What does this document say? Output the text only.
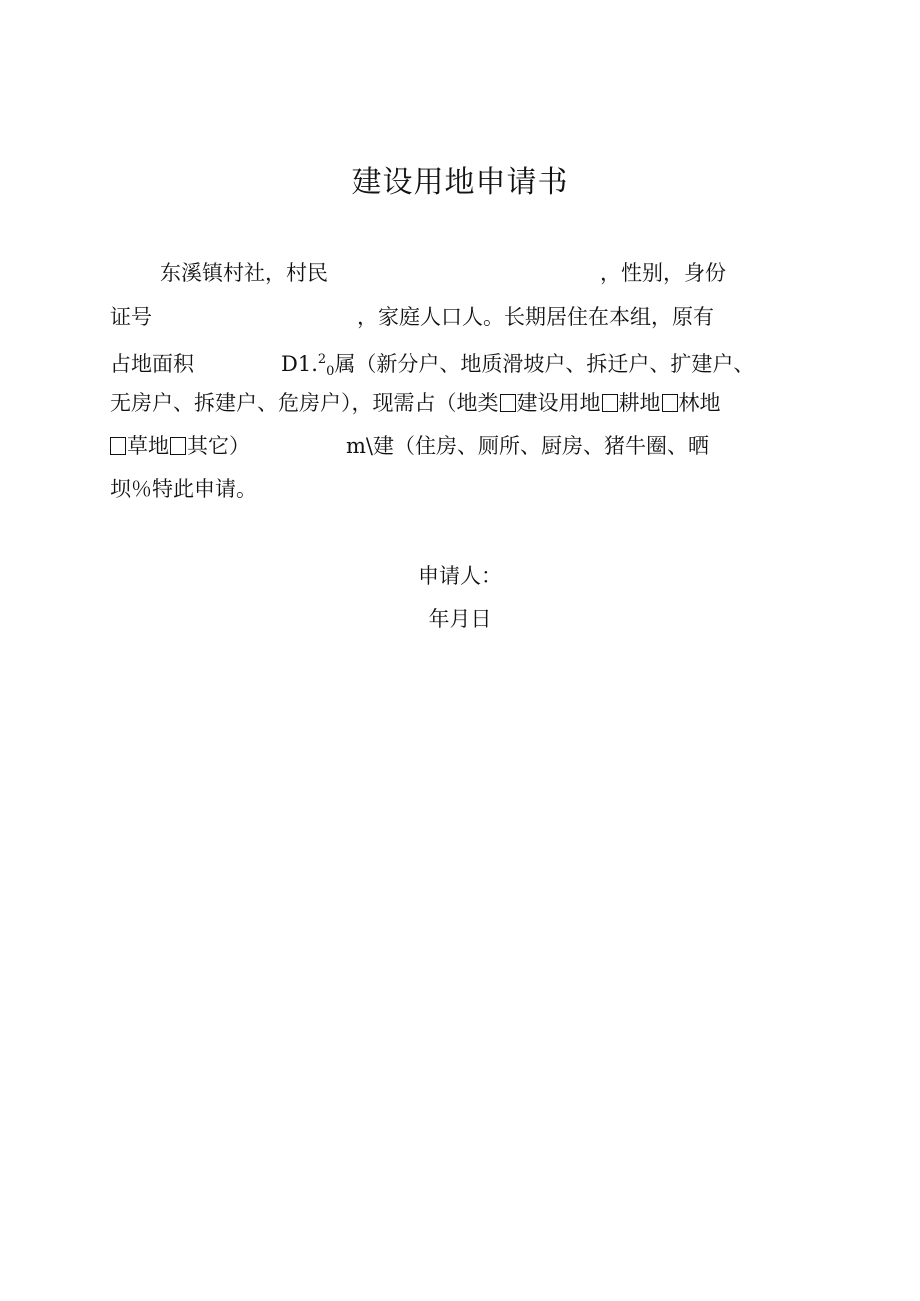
建设用地申请书
东溪镇村社，村民	，性别，身份
证号	，家庭人口人。长期居住在本组，原有
占地面积	D1.$^2_0$属（新分户、地质滑坡户、拆迁户、扩建户、
无房户、拆建户、危房户），现需占（地类 建设用地 耕地 林地
草地 其它）	m\建（住房、厕所、厨房、猪牛圈、晒
坝％特此申请。
申请人：
年月日
